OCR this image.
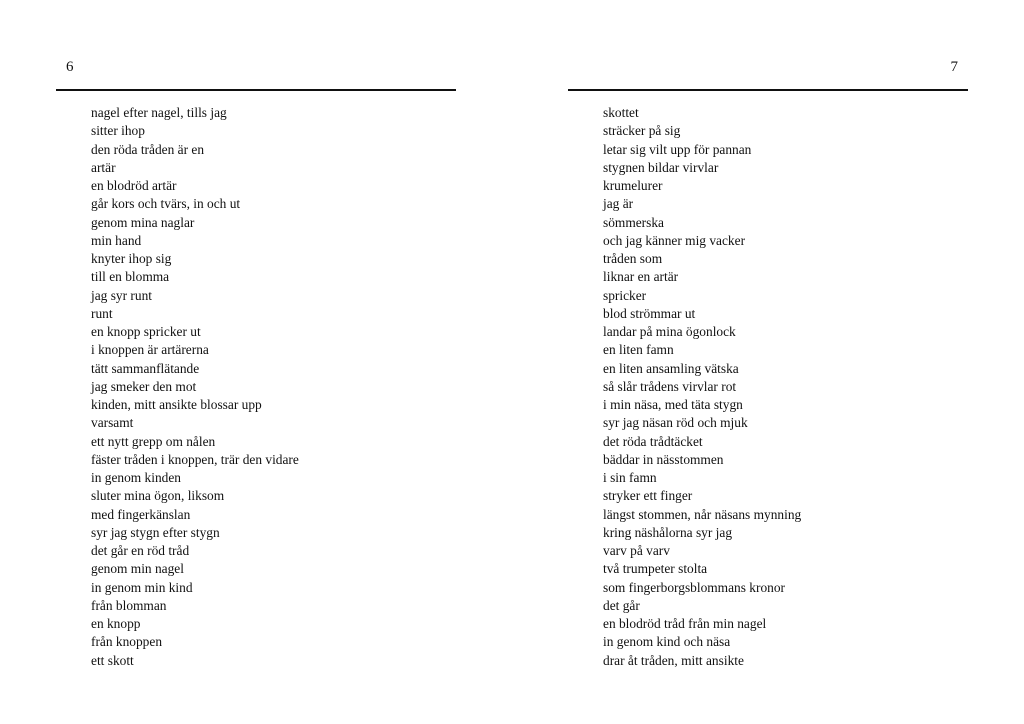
6
nagel efter nagel, tills jag
sitter ihop
den röda tråden är en
artär
en blodröd artär
går kors och tvärs, in och ut
genom mina naglar
min hand
knyter ihop sig
till en blomma
jag syr runt
runt
en knopp spricker ut
i knoppen är artärerna
tätt sammanflätande
jag smeker den mot
kinden, mitt ansikte blossar upp
varsamt
ett nytt grepp om nålen
fäster tråden i knoppen, trär den vidare
in genom kinden
sluter mina ögon, liksom
med fingerkänslan
syr jag stygn efter stygn
det går en röd tråd
genom min nagel
in genom min kind
från blomman
en knopp
från knoppen
ett skott
7
skottet
sträcker på sig
letar sig vilt upp för pannan
stygnen bildar virvlar
krumelurer
jag är
sömmerska
och jag känner mig vacker
tråden som
liknar en artär
spricker
blod strömmar ut
landar på mina ögonlock
en liten famn
en liten ansamling vätska
så slår trådens virvlar rot
i min näsa, med täta stygn
syr jag näsan röd och mjuk
det röda trådtäcket
bäddar in nässtommen
i sin famn
stryker ett finger
längst stommen, når näsans mynning
kring näshålorna syr jag
varv på varv
två trumpeter stolta
som fingerborgsblommans kronor
det går
en blodröd tråd från min nagel
in genom kind och näsa
drar åt tråden, mitt ansikte
